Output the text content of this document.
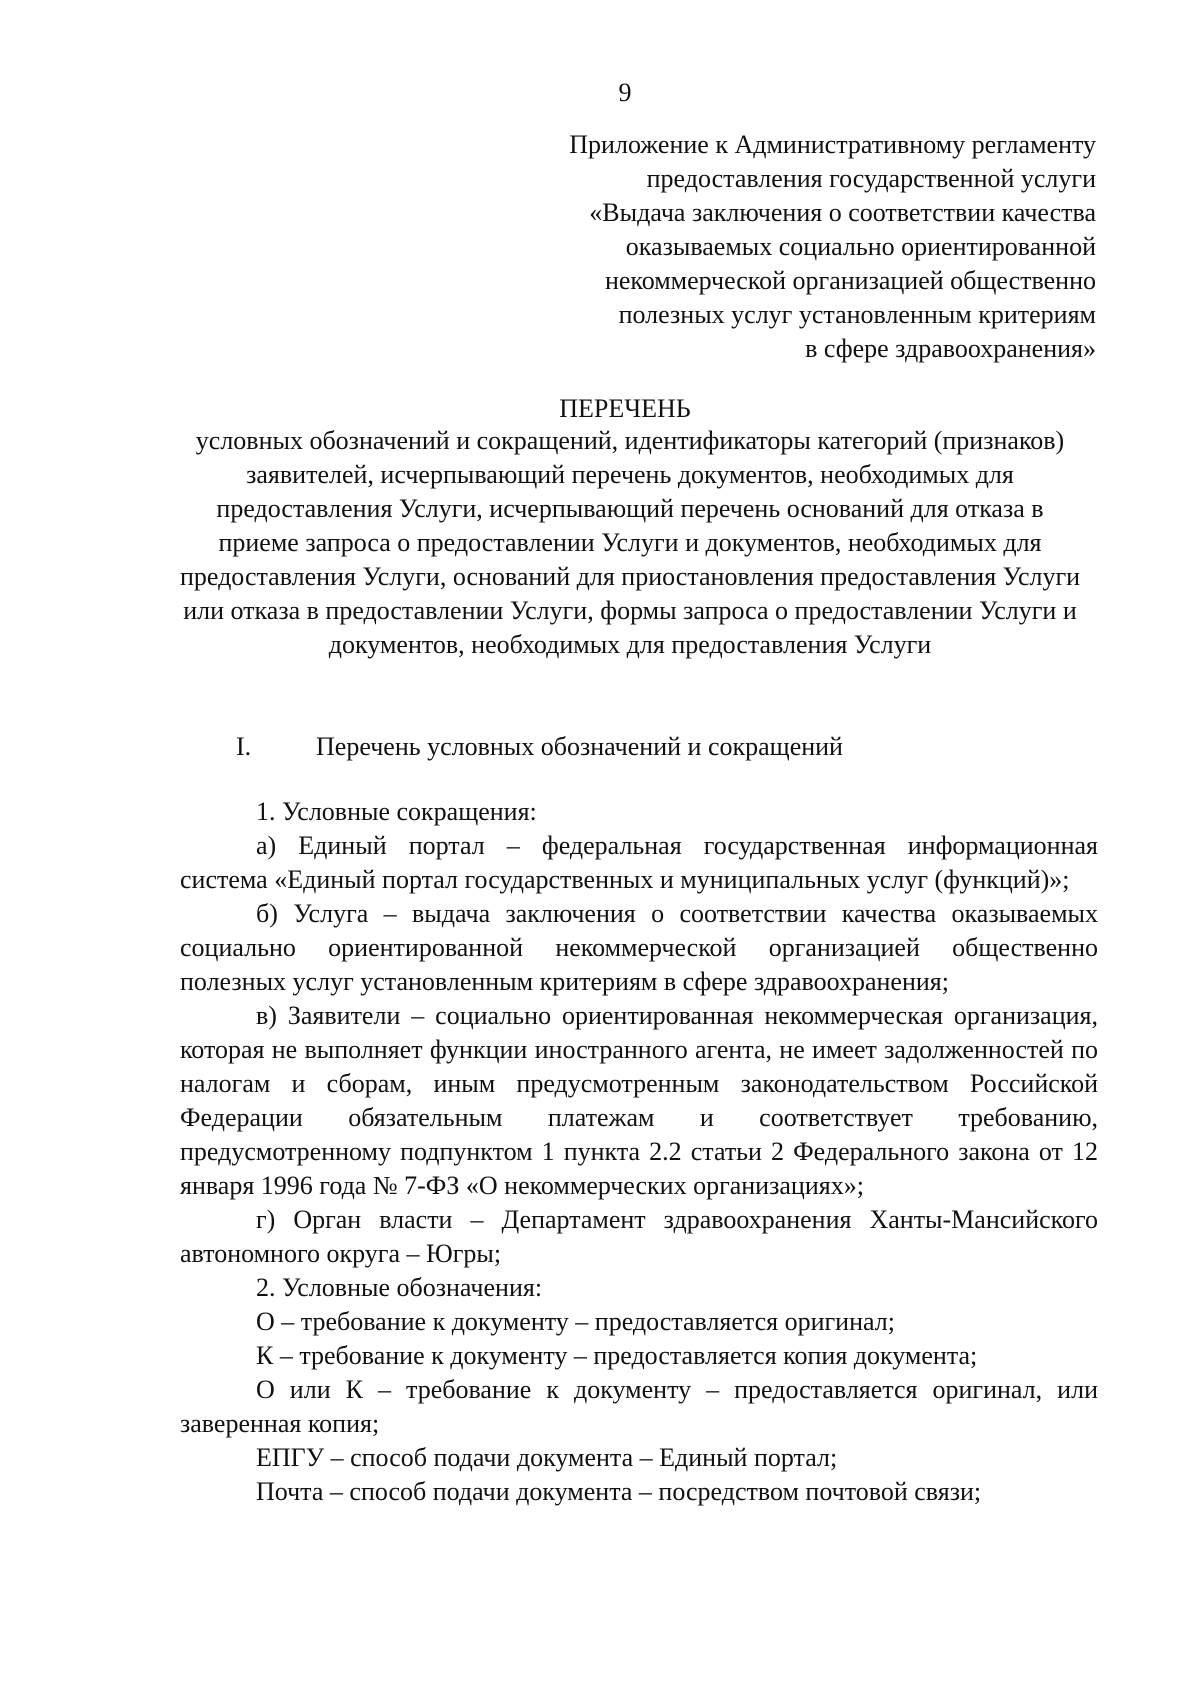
9
Приложение к Административному регламенту
предоставления государственной услуги
«Выдача заключения о соответствии качества
оказываемых социально ориентированной
некоммерческой организацией общественно
полезных услуг установленным критериям
в сфере здравоохранения»
ПЕРЕЧЕНЬ
условных обозначений и сокращений, идентификаторы категорий (признаков) заявителей, исчерпывающий перечень документов, необходимых для предоставления Услуги, исчерпывающий перечень оснований для отказа в приеме запроса о предоставлении Услуги и документов, необходимых для предоставления Услуги, оснований для приостановления предоставления Услуги или отказа в предоставлении Услуги, формы запроса о предоставлении Услуги и документов, необходимых для предоставления Услуги
I. Перечень условных обозначений и сокращений

1. Условные сокращения:

а) Единый портал – федеральная государственная информационная система «Единый портал государственных и муниципальных услуг (функций)»;

б) Услуга – выдача заключения о соответствии качества оказываемых социально ориентированной некоммерческой организацией общественно полезных услуг установленным критериям в сфере здравоохранения;

в) Заявители – социально ориентированная некоммерческая организация, которая не выполняет функции иностранного агента, не имеет задолженностей по налогам и сборам, иным предусмотренным законодательством Российской Федерации обязательным платежам и соответствует требованию, предусмотренному подпунктом 1 пункта 2.2 статьи 2 Федерального закона от 12 января 1996 года № 7-ФЗ «О некоммерческих организациях»;

г) Орган власти – Департамент здравоохранения Ханты-Мансийского автономного округа – Югры;

2. Условные обозначения:

О – требование к документу – предоставляется оригинал;

К – требование к документу – предоставляется копия документа;

О или К – требование к документу – предоставляется оригинал, или заверенная копия;

ЕПГУ – способ подачи документа – Единый портал;

Почта – способ подачи документа – посредством почтовой связи;
